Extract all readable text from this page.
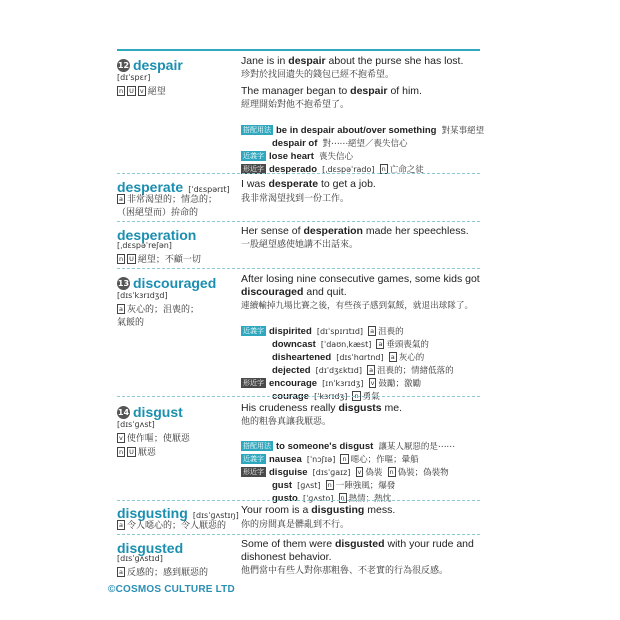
12 despair
[dɪˈspɛr]
n U v 絕望
Jane is in despair about the purse she has lost.
珍對於找回遺失的錢包已經不抱希望。
The manager began to despair of him.
經理開始對他不抱希望了。
搭配用法 be in despair about/over something 對某事絕望
despair of 對⋯⋯絕望／喪失信心
近義字 lose heart 喪失信心
形近字 desperado [ˌdɛspəˈrado] n 亡命之徒
desperate [ˈdɛspərɪt]
a 非常渴望的；情急的；
（困絕望而）拚命的
I was desperate to get a job.
我非常渴望找到一份工作。
desperation
[ˌdɛspəˈreʃən]
n U 絕望；不顧一切
Her sense of desperation made her speechless.
一股絕望感使她講不出話來。
13 discouraged
[dɪsˈkɜrɪdʒd]
a 灰心的；沮喪的；
氣餒的
After losing nine consecutive games, some kids got
discouraged and quit.
連續輸掉九場比賽之後，有些孩子感到氣餒，就退出球隊了。
近義字 dispirited [dɪˈspɪrɪtɪd] a 沮喪的
downcast [ˈdaʊnˌkæst] a 垂頭喪氣的
disheartened [dɪsˈhɑrtnd] a 灰心的
dejected [dɪˈdʒɛktɪd] a 沮喪的；情緒低落的
形近字 encourage [ɪnˈkɜrɪdʒ] v 鼓勵；激勵
courage [ˈkɜrɪdʒ] n 勇氣
14 disgust
[dɪsˈɡʌst]
v 使作嘔；使厭惡
n U 厭惡
His crudeness really disgusts me.
他的粗魯真讓我厭惡。
搭配用法 to someone's disgust 讓某人厭惡的是⋯⋯
近義字 nausea [ˈnɔʃɪə] n 噁心；作嘔；暈船
形近字 disguise [dɪsˈɡaɪz] v 偽裝 n 偽裝；偽裝物
gust [ɡʌst] n 一陣強風；爆發
gusto [ˈɡʌsto] n 熱情；熱忱
disgusting [dɪsˈɡʌstɪŋ]
a 令人噁心的；令人厭惡的
Your room is a disgusting mess.
你的房間真是髒亂到不行。
disgusted
[dɪsˈɡʌstɪd]
a 反感的；感到厭惡的
Some of them were disgusted with your rude and
dishonest behavior.
他們當中有些人對你那粗魯、不老實的行為很反感。
©COSMOS CULTURE LTD
